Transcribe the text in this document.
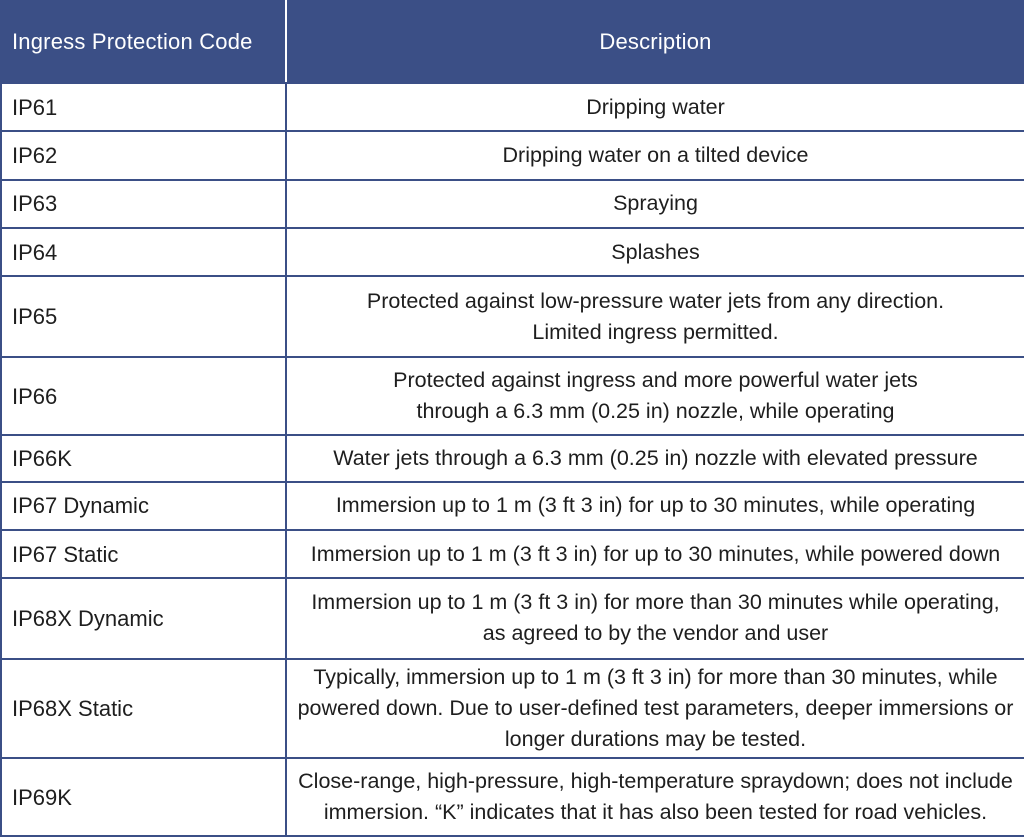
Ingress Protection Code	Description
IP61	Dripping water

IP62	Dripping water on a tilted device

IP63	Spraying

IP64	Splashes

IP65	Protected against low-pressure water jets from any direction.
Limited ingress permitted.

IP66	Protected against ingress and more powerful water jets
through a 6.3 mm (0.25 in) nozzle, while operating

IP66K	Water jets through a 6.3 mm (0.25 in) nozzle with elevated pressure

IP67 Dynamic	Immersion up to 1 m (3 ft 3 in) for up to 30 minutes, while operating

IP67 Static	Immersion up to 1 m (3 ft 3 in) for up to 30 minutes, while powered down

IP68X Dynamic	Immersion up to 1 m (3 ft 3 in) for more than 30 minutes while operating,
as agreed to by the vendor and user

IP68X Static	Typically, immersion up to 1 m (3 ft 3 in) for more than 30 minutes, while
powered down. Due to user-defined test parameters, deeper immersions or
longer durations may be tested.

IP69K	Close-range, high-pressure, high-temperature spraydown; does not include
immersion. “K” indicates that it has also been tested for road vehicles.
